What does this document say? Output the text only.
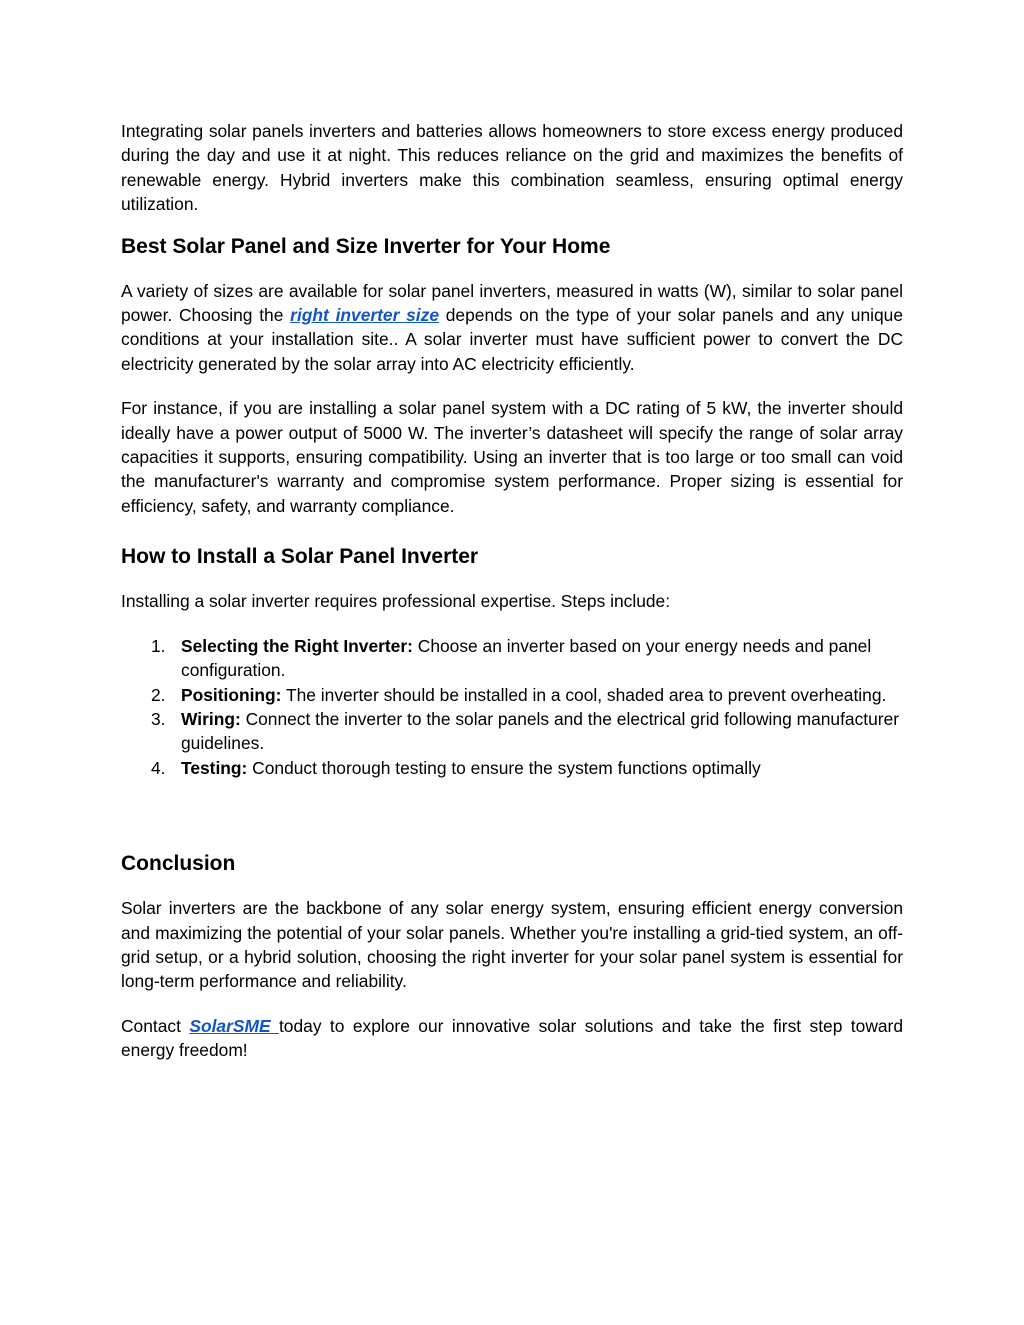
Integrating solar panels inverters and batteries allows homeowners to store excess energy produced during the day and use it at night. This reduces reliance on the grid and maximizes the benefits of renewable energy. Hybrid inverters make this combination seamless, ensuring optimal energy utilization.

Best Solar Panel and Size Inverter for Your Home

A variety of sizes are available for solar panel inverters, measured in watts (W), similar to solar panel power. Choosing the right inverter size depends on the type of your solar panels and any unique conditions at your installation site.. A solar inverter must have sufficient power to convert the DC electricity generated by the solar array into AC electricity efficiently.

For instance, if you are installing a solar panel system with a DC rating of 5 kW, the inverter should ideally have a power output of 5000 W. The inverter’s datasheet will specify the range of solar array capacities it supports, ensuring compatibility. Using an inverter that is too large or too small can void the manufacturer's warranty and compromise system performance. Proper sizing is essential for efficiency, safety, and warranty compliance.

How to Install a Solar Panel Inverter

Installing a solar inverter requires professional expertise. Steps include:

1. Selecting the Right Inverter: Choose an inverter based on your energy needs and panel configuration.
2. Positioning: The inverter should be installed in a cool, shaded area to prevent overheating.
3. Wiring: Connect the inverter to the solar panels and the electrical grid following manufacturer guidelines.
4. Testing: Conduct thorough testing to ensure the system functions optimally
Conclusion

Solar inverters are the backbone of any solar energy system, ensuring efficient energy conversion and maximizing the potential of your solar panels. Whether you're installing a grid-tied system, an off-grid setup, or a hybrid solution, choosing the right inverter for your solar panel system is essential for long-term performance and reliability.

Contact SolarSME today to explore our innovative solar solutions and take the first step toward energy freedom!
